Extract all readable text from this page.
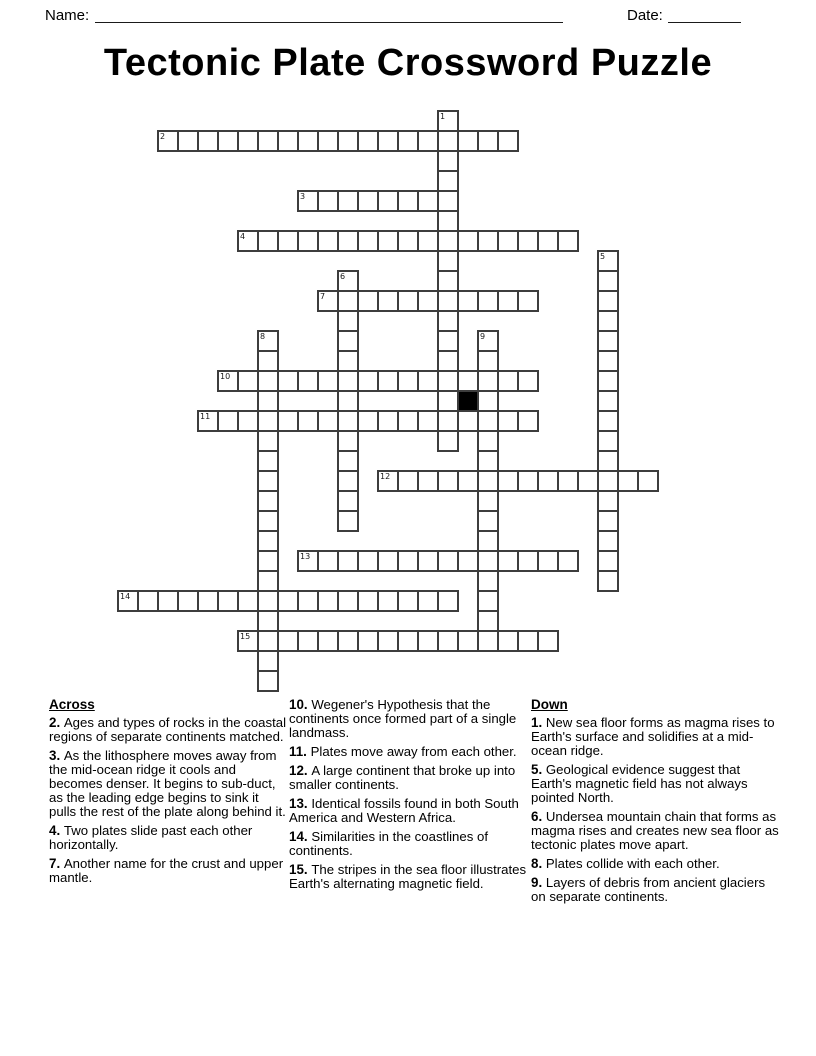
Name:	Date:
Tectonic Plate Crossword Puzzle
1
2
3
4
5
6
7
8	9
10
11
12
13
14
15
Across

2. Ages and types of rocks in the coastal regions of separate continents matched.

3. As the lithosphere moves away from the mid-ocean ridge it cools and becomes denser. It begins to sub-duct, as the leading edge begins to sink it pulls the rest of the plate along behind it.

4. Two plates slide past each other horizontally.

7. Another name for the crust and upper mantle.

10. Wegener's Hypothesis that the continents once formed part of a single landmass.

11. Plates move away from each other.

12. A large continent that broke up into smaller continents.

13. Identical fossils found in both South America and Western Africa.

14. Similarities in the coastlines of continents.

15. The stripes in the sea floor illustrates Earth's alternating magnetic field.

Down

1. New sea floor forms as magma rises to Earth's surface and solidifies at a mid-ocean ridge.

5. Geological evidence suggest that Earth's magnetic field has not always pointed North.

6. Undersea mountain chain that forms as magma rises and creates new sea floor as tectonic plates move apart.

8. Plates collide with each other.

9. Layers of debris from ancient glaciers on separate continents.
